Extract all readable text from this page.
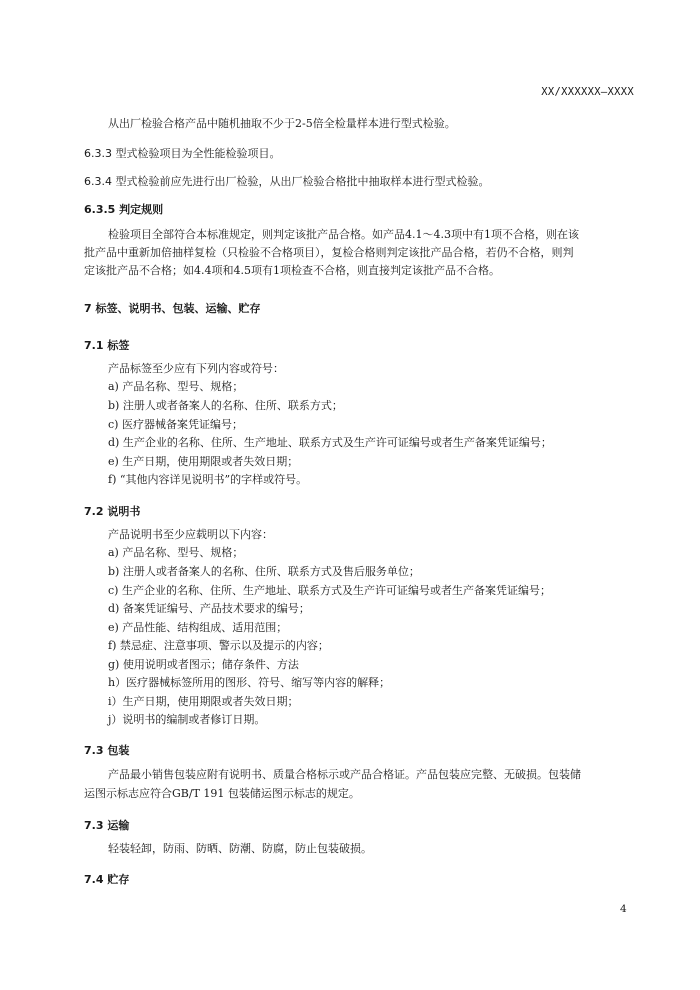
XX/XXXXXX—XXXX
从出厂检验合格产品中随机抽取不少于2-5倍全检量样本进行型式检验。
6.3.3 型式检验项目为全性能检验项目。
6.3.4 型式检验前应先进行出厂检验，从出厂检验合格批中抽取样本进行型式检验。
6.3.5 判定规则
检验项目全部符合本标准规定，则判定该批产品合格。如产品4.1～4.3项中有1项不合格，则在该
批产品中重新加倍抽样复检（只检验不合格项目），复检合格则判定该批产品合格，若仍不合格，则判
定该批产品不合格；如4.4项和4.5项有1项检查不合格，则直接判定该批产品不合格。
7 标签、说明书、包装、运输、贮存
7.1 标签
产品标签至少应有下列内容或符号：
a) 产品名称、型号、规格；
b) 注册人或者备案人的名称、住所、联系方式；
c) 医疗器械备案凭证编号；
d) 生产企业的名称、住所、生产地址、联系方式及生产许可证编号或者生产备案凭证编号；
e) 生产日期，使用期限或者失效日期；
f) “其他内容详见说明书”的字样或符号。
7.2 说明书
产品说明书至少应载明以下内容：
a) 产品名称、型号、规格；
b) 注册人或者备案人的名称、住所、联系方式及售后服务单位；
c) 生产企业的名称、住所、生产地址、联系方式及生产许可证编号或者生产备案凭证编号；
d) 备案凭证编号、产品技术要求的编号；
e) 产品性能、结构组成、适用范围；
f) 禁忌症、注意事项、警示以及提示的内容；
g) 使用说明或者图示；储存条件、方法
h）医疗器械标签所用的图形、符号、缩写等内容的解释；
i）生产日期，使用期限或者失效日期；
j）说明书的编制或者修订日期。
7.3 包装
产品最小销售包装应附有说明书、质量合格标示或产品合格证。产品包装应完整、无破损。包装储
运图示标志应符合GB/T 191 包装储运图示标志的规定。
7.3 运输
轻装轻卸，防雨、防晒、防潮、防腐，防止包装破损。
7.4 贮存
4
